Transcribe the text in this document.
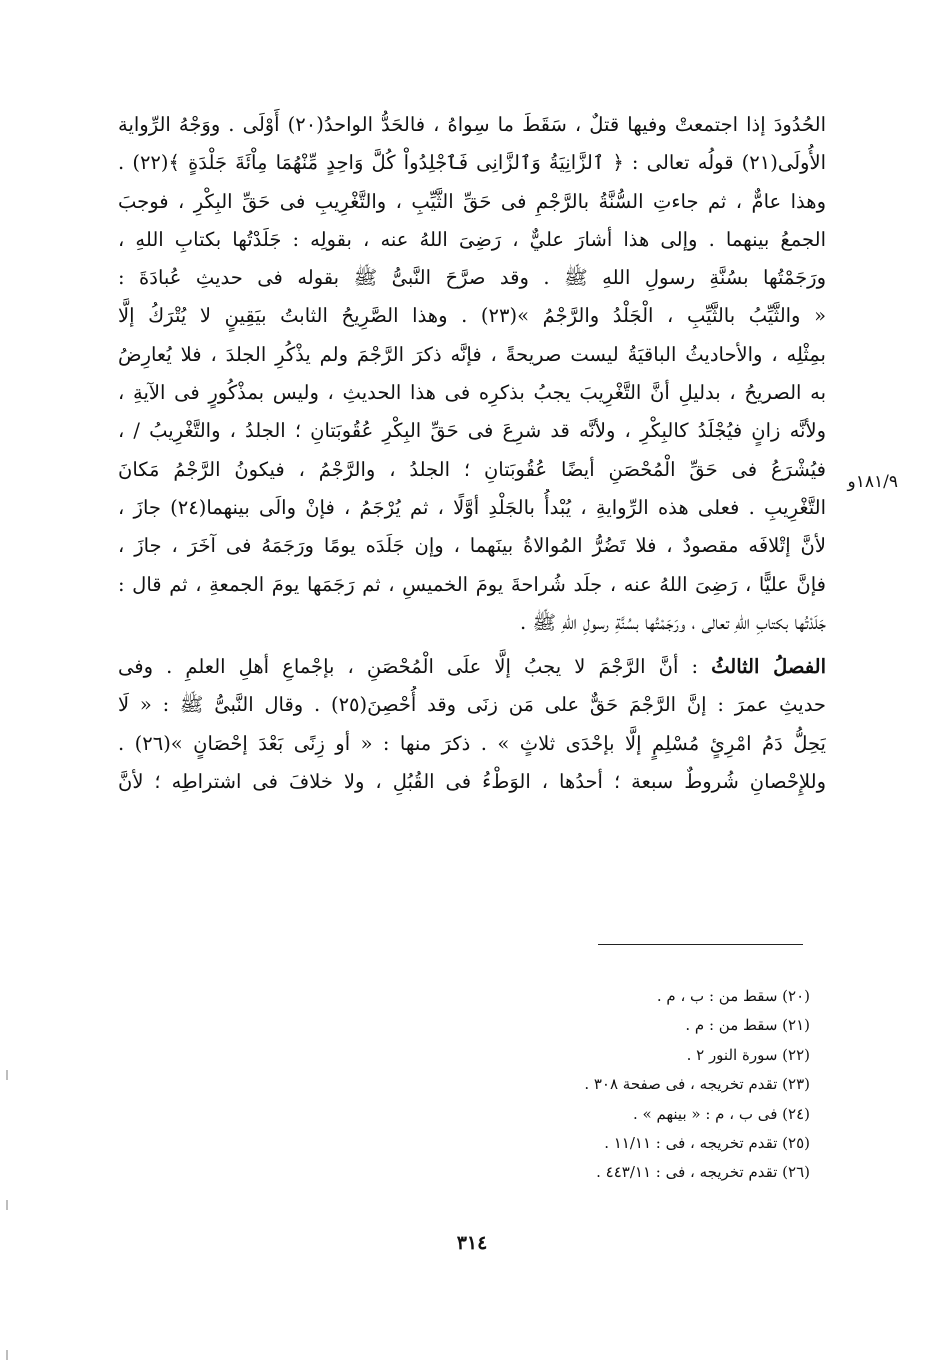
الحُدُودَ إذا اجتمعتْ وفيها قتلٌ ، سَقَطَ ما سِواهُ ، فالحَدُّ الواحدُ(٢٠) أَوْلَى . ووَجْهُ الرِّواية
الأُولَى(٢١) قولُه تعالى : ﴿ ٱلزَّانِيَةُ وَٱلزَّانِى فَٱجْلِدُواْ كُلَّ وَاحِدٍ مِّنْهُمَا مِاْئَةَ جَلْدَةٍ ﴾(٢٢) .
وهذا عامٌّ ، ثم جاءتِ السُّنَّةُ بالرَّجْمِ فى حَقِّ الثَّيِّبِ ، والتَّغْرِيبِ فى حَقِّ البِكْرِ ، فوجبَ
الجمعُ بينهما . وإلى هذا أشارَ عليٌّ ، رَضِىَ اللهُ عنه ، بقولِه : جَلَدْتُها بكتابِ اللهِ ،
ورَجَمْتُها بسُنَّةِ رسولِ اللهِ ﷺ . وقد صرَّحَ النَّبىُّ ﷺ بقوله فى حديثِ عُبادَةَ :
« والثَّيِّبُ بالثَّيِّبِ ، الْجَلْدُ والرَّجْمُ »(٢٣) . وهذا الصَّرِيحُ الثابتُ بيَقِينٍ لا يُتْرَكُ إلَّا
بمِثْلِه ، والأحاديثُ الباقيَةُ ليست صريحةً ، فإنَّه ذكرَ الرَّجْمَ ولم يذْكُرِ الجلدَ ، فلا يُعارِضُ
به الصريحُ ، بدليلِ أنَّ التَّغْرِيبَ يجبُ بذكرِه فى هذا الحديثِ ، وليس بمذْكُورٍ فى الآيةِ ،
ولأنَّه زانٍ فيُجْلَدُ كالبِكْرِ ، ولأنَّه قد شرِعَ فى حَقِّ البِكْرِ عُقُوبَتانِ ؛ الجلدُ ، والتَّغْرِيبُ / ،
فيُشْرَعُ فى حَقِّ الْمُحْصَنِ أيضًا عُقُوبَتانِ ؛ الجلدُ ، والرَّجْمُ ، فيكونُ الرَّجْمُ مَكانَ
التَّغْرِيبِ . فعلى هذه الرِّوايةِ ، يُبْدأُ بالجَلْدِ أوَّلًا ، ثم يُرْجَمُ ، فإنْ والَى بينهما(٢٤) جازَ ،
لأنَّ إتْلافَه مقصودٌ ، فلا تَضُرُّ المُوالاةُ بينَهما ، وإن جَلَدَه يومًا ورَجَمَهُ فى آخَرَ ، جازَ ،
فإنَّ عليًّا ، رَضِىَ اللهُ عنه ، جلَد شُراحةَ يومَ الخميسِ ، ثم رَجَمَها يومَ الجمعةِ ، ثم قال :
جَلَدْتُها بكتابِ اللهِ تعالى ، ورَجَمْتُها بسُنَّةِ رسولِ اللهِ ﷺ .
الفصلُ الثالثُ : أنَّ الرَّجْمَ لا يجبُ إلَّا علَى الْمُحْصَنِ ، بإجْماعِ أهلِ العلمِ . وفى
حديثِ عمرَ : إنَّ الرَّجْمَ حَقٌّ على مَن زنَى وقد أُحْصِنَ(٢٥) . وقال النَّبىُّ ﷺ : « لَا
يَحِلُّ دَمُ امْرِئٍ مُسْلِمٍ إلَّا بإحْدَى ثلاثٍ » . ذكرَ منها : « أو زِنًى بَعْدَ إحْصَانٍ »(٢٦) .
وللإِحْصانِ شُروطٌ سبعة ؛ أحدُها ، الوَطْءُ فى القُبُلِ ، ولا خلافَ فى اشتراطِه ؛ لأنَّ
١٨١/٩و
(٢٠) سقط من : ب ، م .
(٢١) سقط من : م .
(٢٢) سورة النور ٢ .
(٢٣) تقدم تخريجه ، فى صفحة ٣٠٨ .
(٢٤) فى ب ، م : « بينهم » .
(٢٥) تقدم تخريجه ، فى : ١١/١١ .
(٢٦) تقدم تخريجه ، فى : ٤٤٣/١١ .
٣١٤
